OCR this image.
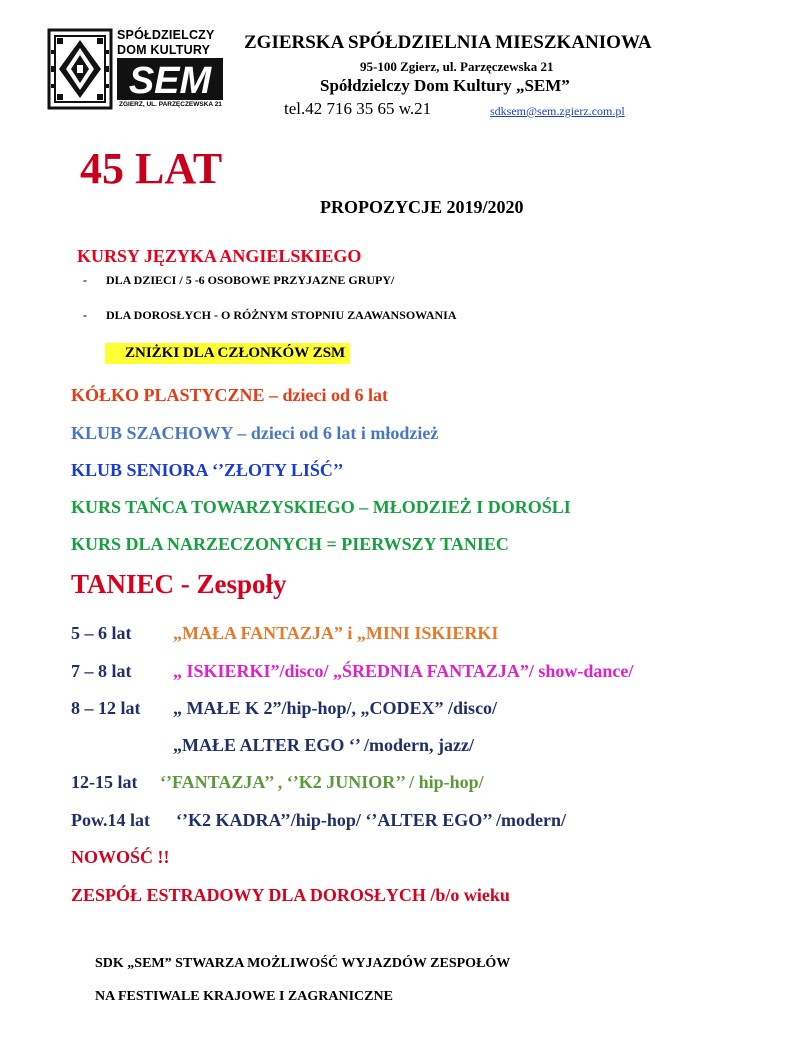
SPÓŁDZIELCZY
DOM KULTURY
SEM
ZGIERZ, UL. PARZĘCZEWSKA 21
ZGIERSKA SPÓŁDZIELNIA MIESZKANIOWA
95-100 Zgierz, ul. Parzęczewska 21
Spółdzielczy Dom Kultury „SEM”
tel.42 716 35 65 w.21	sdksem@sem.zgierz.com.pl
45 LAT
PROPOZYCJE 2019/2020
KURSY JĘZYKA ANGIELSKIEGO
- DLA DZIECI / 5 -6 OSOBOWE PRZYJAZNE GRUPY/
- DLA DOROSŁYCH - O RÓŻNYM STOPNIU ZAAWANSOWANIA
ZNIŻKI DLA CZŁONKÓW ZSM
KÓŁKO PLASTYCZNE – dzieci od 6 lat
KLUB SZACHOWY – dzieci od 6 lat i młodzież
KLUB SENIORA ‘’ZŁOTY LIŚĆ’’
KURS TAŃCA TOWARZYSKIEGO – MŁODZIEŻ I DOROŚLI
KURS DLA NARZECZONYCH = PIERWSZY TANIEC
TANIEC - Zespoły
5 – 6 lat „MAŁA FANTAZJA” i „MINI ISKIERKI
7 – 8 lat „ ISKIERKI”/disco/ „ŚREDNIA FANTAZJA”/ show-dance/
8 – 12 lat „ MAŁE K 2”/hip-hop/, „CODEX” /disco/
„MAŁE ALTER EGO ‘’ /modern, jazz/
12-15 lat ‘’FANTAZJA’’ , ‘’K2 JUNIOR’’ / hip-hop/
Pow.14 lat ‘’K2 KADRA’’/hip-hop/ ‘’ALTER EGO’’ /modern/
NOWOŚĆ !!
ZESPÓŁ ESTRADOWY DLA DOROSŁYCH /b/o wieku
SDK „SEM” STWARZA MOŻLIWOŚĆ WYJAZDÓW ZESPOŁÓW
NA FESTIWALE KRAJOWE I ZAGRANICZNE
